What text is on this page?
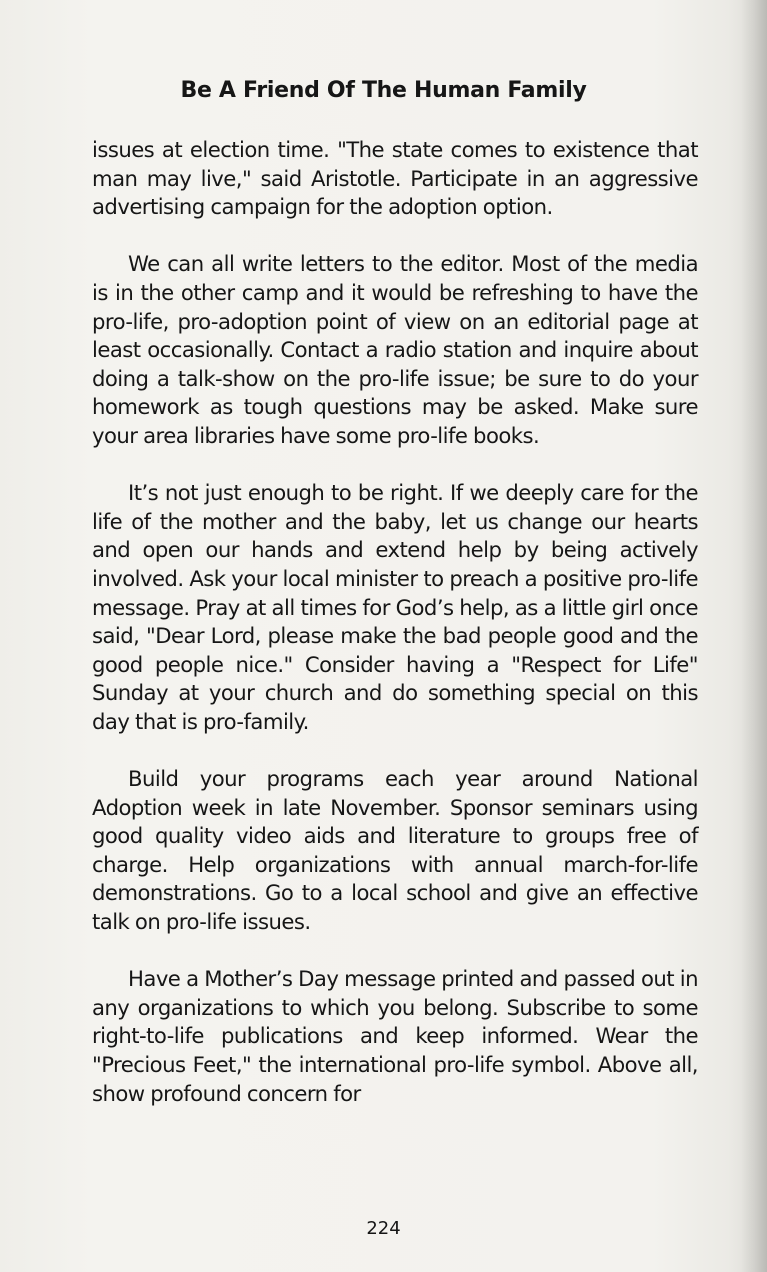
Be A Friend Of The Human Family

issues at election time. "The state comes to existence that man may live," said Aristotle. Participate in an aggressive advertising campaign for the adoption option.

We can all write letters to the editor. Most of the media is in the other camp and it would be refreshing to have the pro-life, pro-adoption point of view on an editorial page at least occasionally. Contact a radio station and inquire about doing a talk-show on the pro-life issue; be sure to do your homework as tough questions may be asked. Make sure your area libraries have some pro-life books.

It’s not just enough to be right. If we deeply care for the life of the mother and the baby, let us change our hearts and open our hands and extend help by being actively involved. Ask your local minister to preach a positive pro-life message. Pray at all times for God’s help, as a little girl once said, "Dear Lord, please make the bad people good and the good people nice." Consider having a "Respect for Life" Sunday at your church and do something special on this day that is pro-family.

Build your programs each year around National Adoption week in late November. Sponsor seminars using good quality video aids and literature to groups free of charge. Help organizations with annual march-for-life demonstrations. Go to a local school and give an effective talk on pro-life issues.

Have a Mother’s Day message printed and passed out in any organizations to which you belong. Subscribe to some right-to-life publications and keep informed. Wear the "Precious Feet," the international pro-life symbol. Above all, show profound concern for

224
